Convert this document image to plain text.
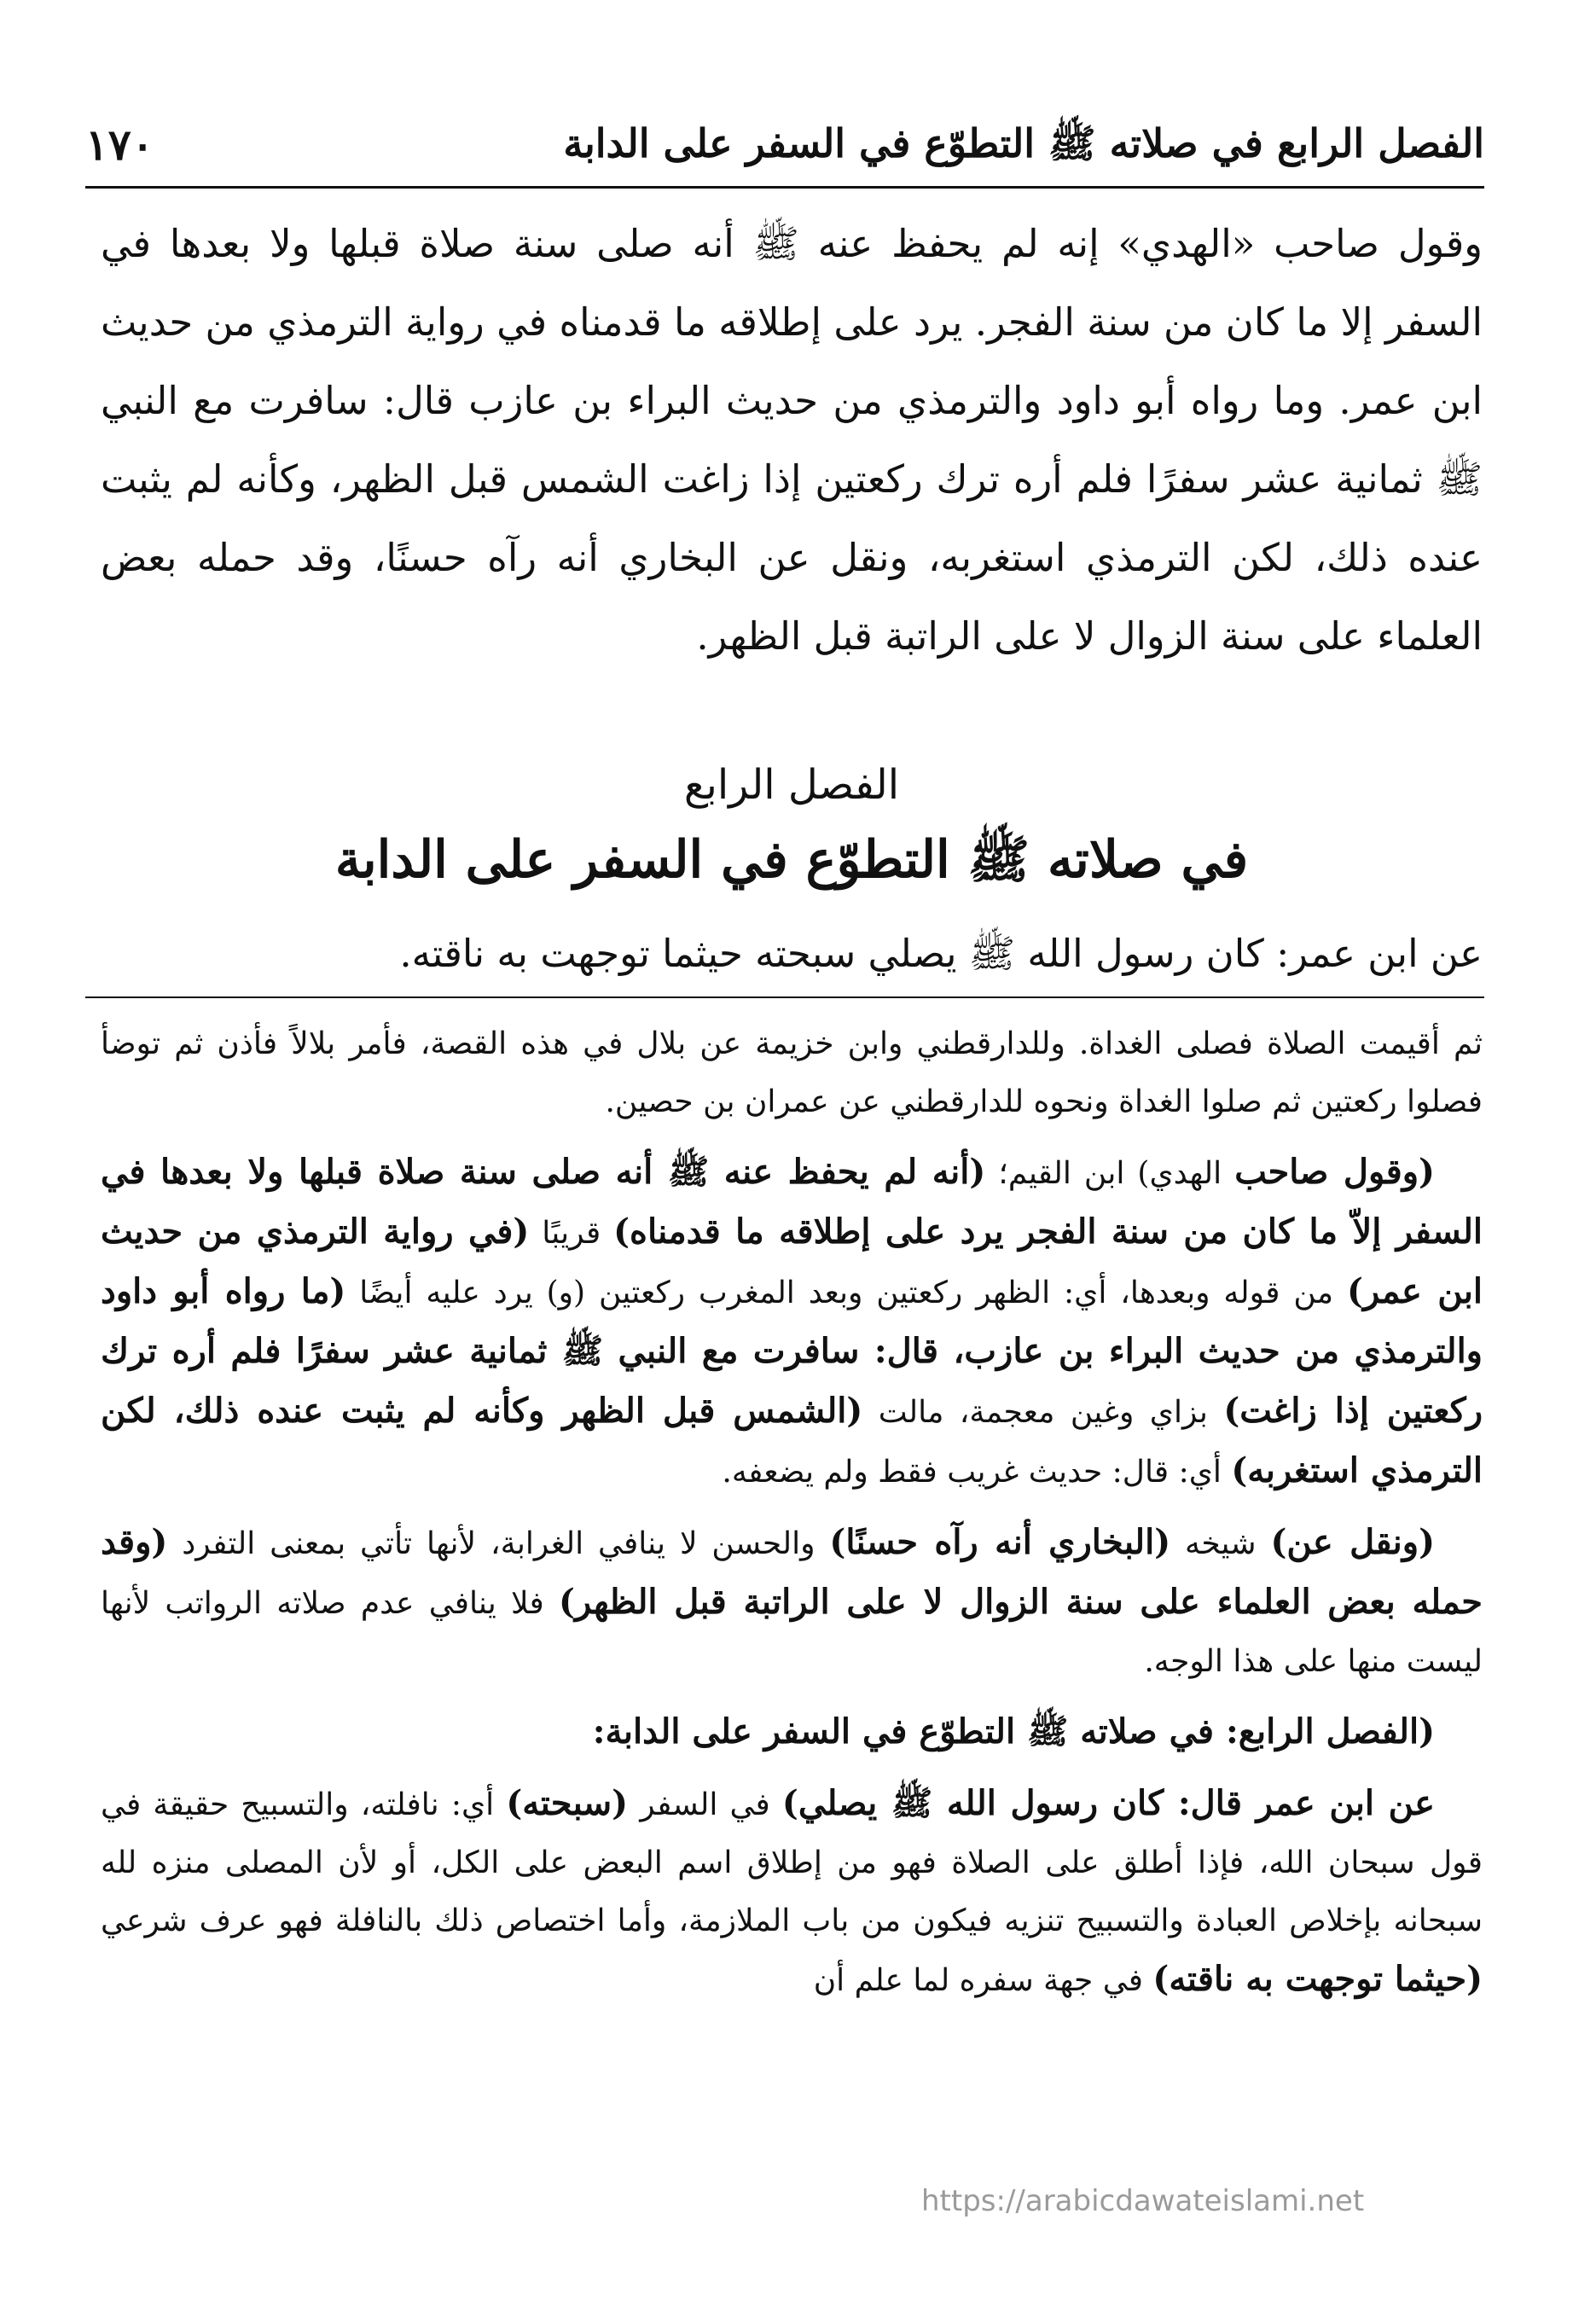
الفصل الرابع في صلاته ﷺ التطوّع في السفر على الدابة
١٧٠
وقول صاحب «الهدي» إنه لم يحفظ عنه ﷺ أنه صلى سنة صلاة قبلها ولا بعدها في السفر إلا ما كان من سنة الفجر. يرد على إطلاقه ما قدمناه في رواية الترمذي من حديث ابن عمر. وما رواه أبو داود والترمذي من حديث البراء بن عازب قال: سافرت مع النبي ﷺ ثمانية عشر سفرًا فلم أره ترك ركعتين إذا زاغت الشمس قبل الظهر، وكأنه لم يثبت عنده ذلك، لكن الترمذي استغربه، ونقل عن البخاري أنه رآه حسنًا، وقد حمله بعض العلماء على سنة الزوال لا على الراتبة قبل الظهر.
الفصل الرابع
في صلاته ﷺ التطوّع في السفر على الدابة
عن ابن عمر: كان رسول الله ﷺ يصلي سبحته حيثما توجهت به ناقته.

ثم أقيمت الصلاة فصلى الغداة. وللدارقطني وابن خزيمة عن بلال في هذه القصة، فأمر بلالاً فأذن ثم توضأ فصلوا ركعتين ثم صلوا الغداة ونحوه للدارقطني عن عمران بن حصين.

(وقول صاحب الهدي) ابن القيم؛ (أنه لم يحفظ عنه ﷺ أنه صلى سنة صلاة قبلها ولا بعدها في السفر إلاّ ما كان من سنة الفجر يرد على إطلاقه ما قدمناه) قريبًا (في رواية الترمذي من حديث ابن عمر) من قوله وبعدها، أي: الظهر ركعتين وبعد المغرب ركعتين (و) يرد عليه أيضًا (ما رواه أبو داود والترمذي من حديث البراء بن عازب، قال: سافرت مع النبي ﷺ ثمانية عشر سفرًا فلم أره ترك ركعتين إذا زاغت) بزاي وغين معجمة، مالت (الشمس قبل الظهر وكأنه لم يثبت عنده ذلك، لكن الترمذي استغربه) أي: قال: حديث غريب فقط ولم يضعفه.

(ونقل عن) شيخه (البخاري أنه رآه حسنًا) والحسن لا ينافي الغرابة، لأنها تأتي بمعنى التفرد (وقد حمله بعض العلماء على سنة الزوال لا على الراتبة قبل الظهر) فلا ينافي عدم صلاته الرواتب لأنها ليست منها على هذا الوجه.

(الفصل الرابع: في صلاته ﷺ التطوّع في السفر على الدابة:

عن ابن عمر قال: كان رسول الله ﷺ يصلي) في السفر (سبحته) أي: نافلته، والتسبيح حقيقة في قول سبحان الله، فإذا أطلق على الصلاة فهو من إطلاق اسم البعض على الكل، أو لأن المصلى منزه لله سبحانه بإخلاص العبادة والتسبيح تنزيه فيكون من باب الملازمة، وأما اختصاص ذلك بالنافلة فهو عرف شرعي (حيثما توجهت به ناقته) في جهة سفره لما علم أن

https://arabicdawateislami.net
